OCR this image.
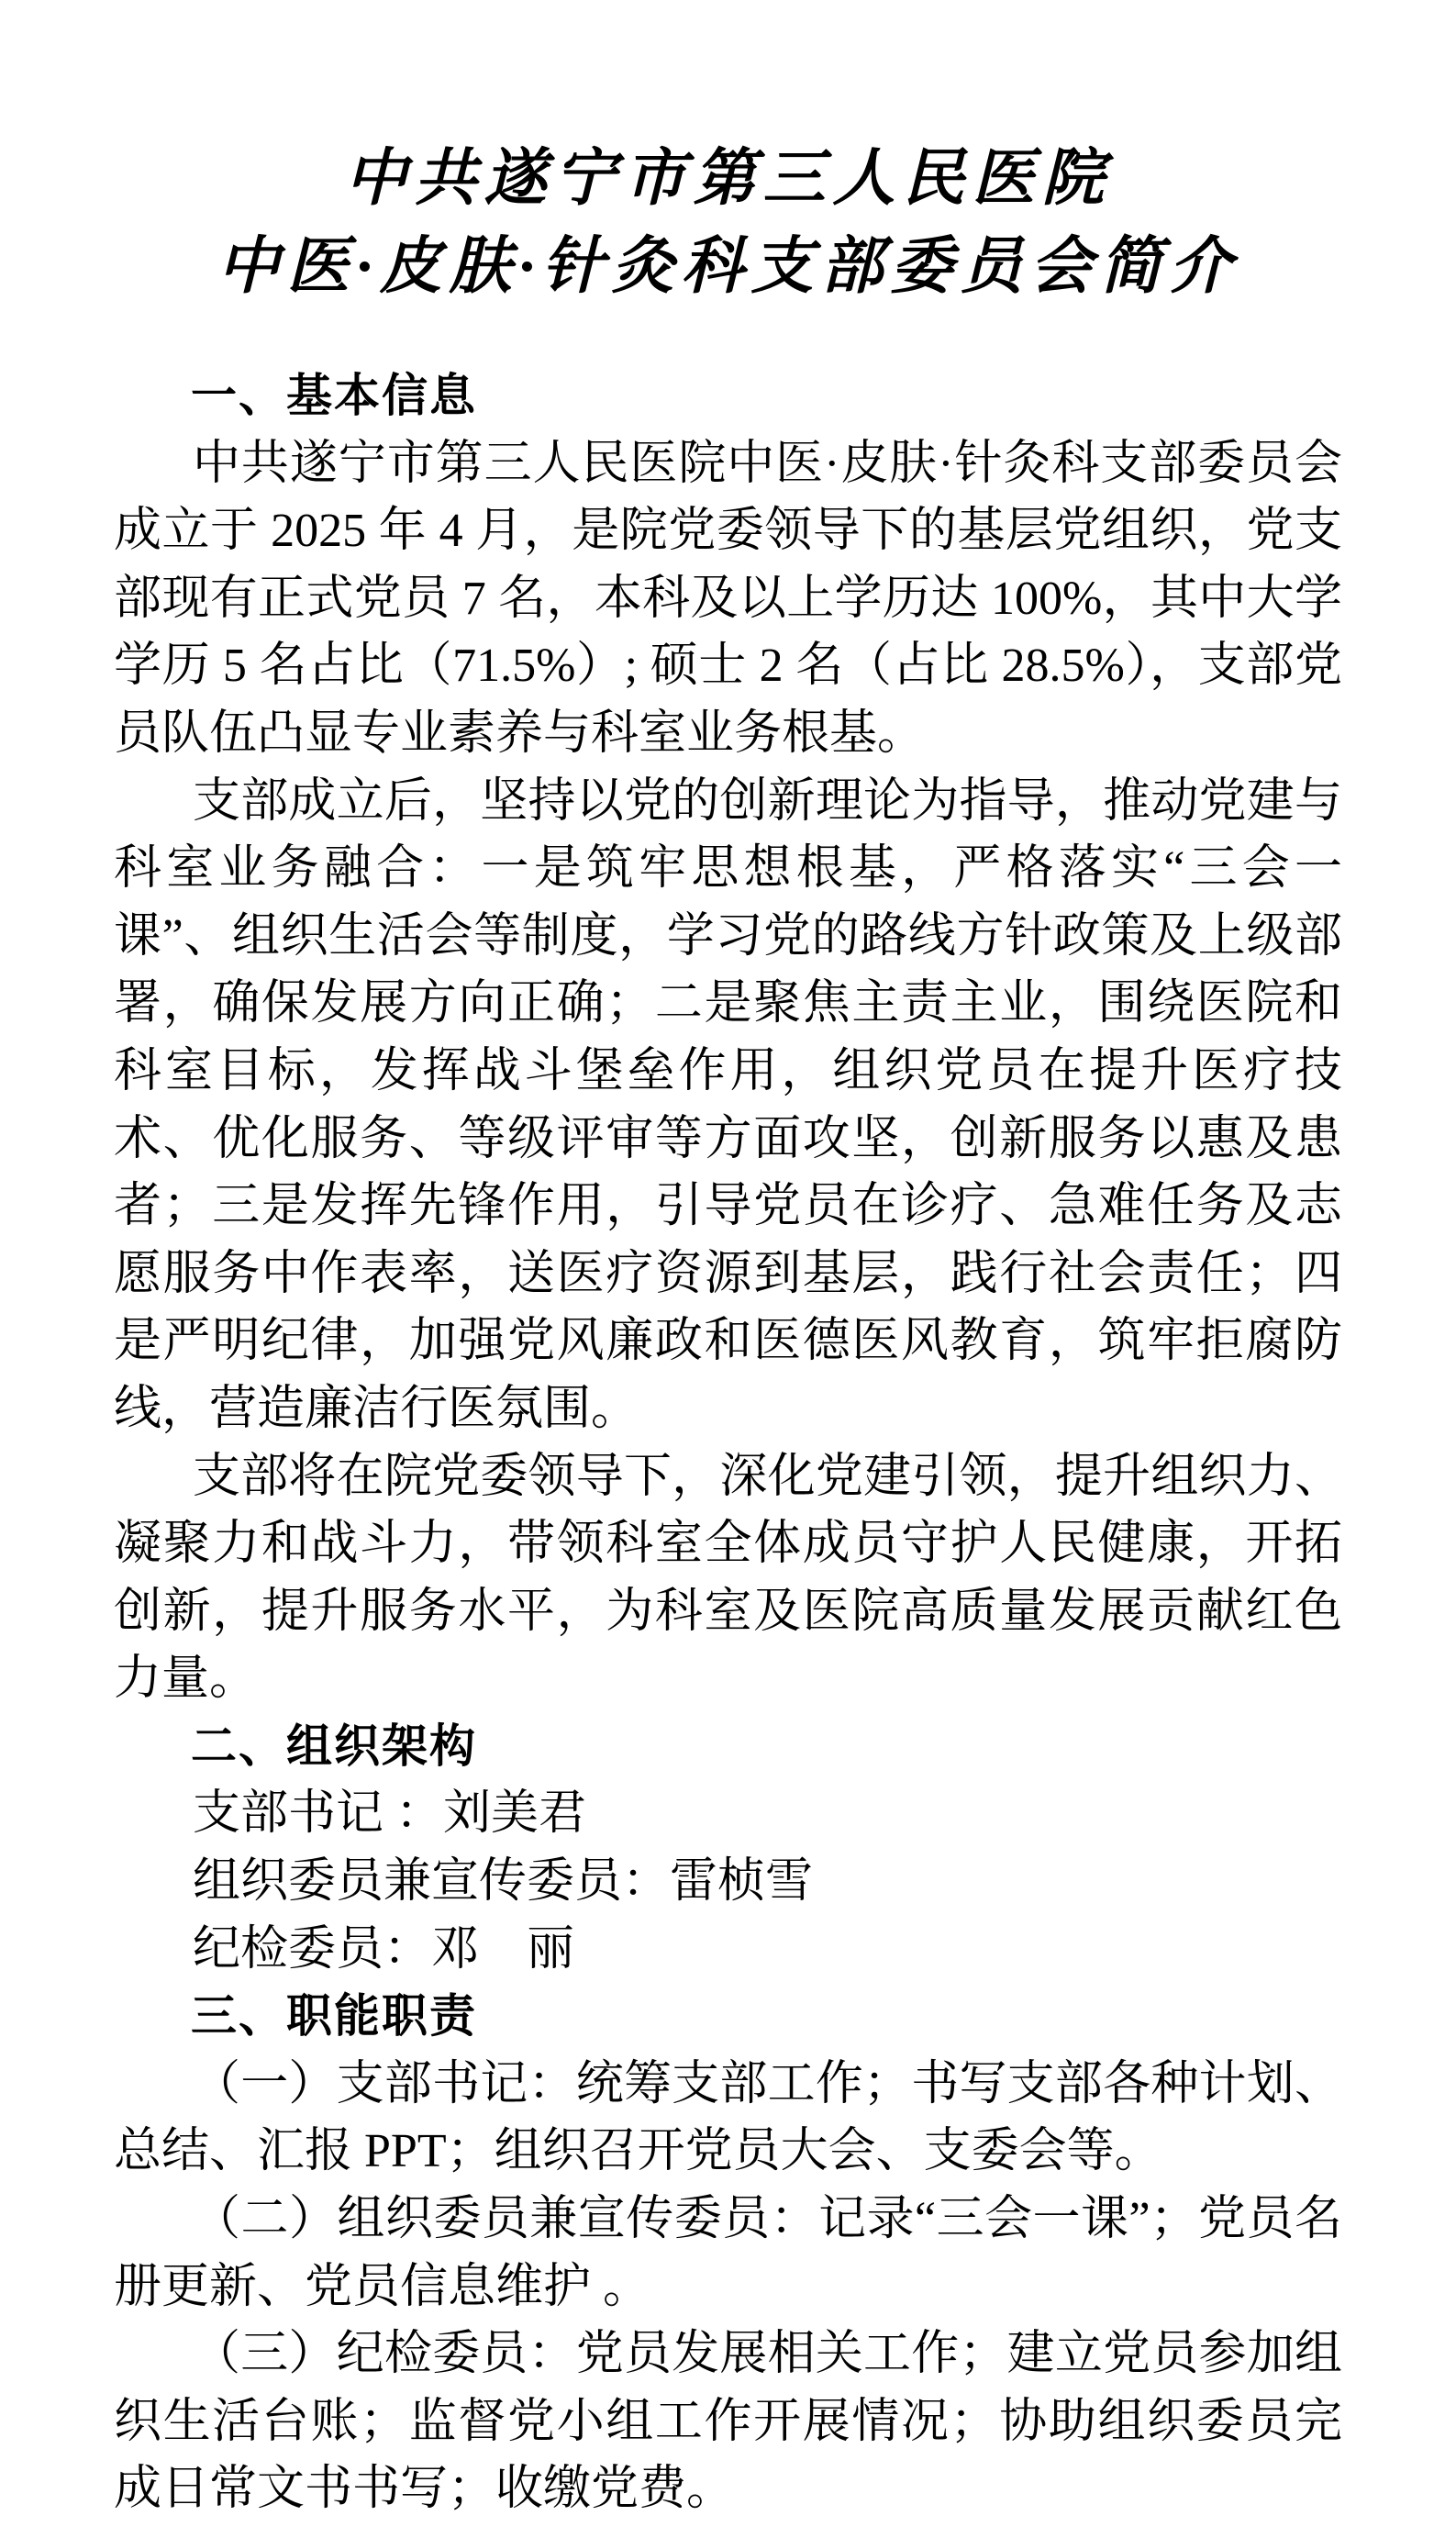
中共遂宁市第三人民医院
中医·皮肤·针灸科支部委员会简介
一、基本信息

中共遂宁市第三人民医院中医·皮肤·针灸科支部委员会成立于 2025 年 4 月，是院党委领导下的基层党组织，党支部现有正式党员 7 名，本科及以上学历达 100%，其中大学学历 5 名占比（71.5%）; 硕士 2 名（占比 28.5%），支部党员队伍凸显专业素养与科室业务根基。

支部成立后，坚持以党的创新理论为指导，推动党建与科室业务融合：一是筑牢思想根基，严格落实“三会一课”、组织生活会等制度，学习党的路线方针政策及上级部署，确保发展方向正确；二是聚焦主责主业，围绕医院和科室目标，发挥战斗堡垒作用，组织党员在提升医疗技术、优化服务、等级评审等方面攻坚，创新服务以惠及患者；三是发挥先锋作用，引导党员在诊疗、急难任务及志愿服务中作表率，送医疗资源到基层，践行社会责任；四是严明纪律，加强党风廉政和医德医风教育，筑牢拒腐防线，营造廉洁行医氛围。

支部将在院党委领导下，深化党建引领，提升组织力、凝聚力和战斗力，带领科室全体成员守护人民健康，开拓创新，提升服务水平，为科室及医院高质量发展贡献红色力量。

二、组织架构

支部书记 ：刘美君

组织委员兼宣传委员：雷桢雪

纪检委员：邓　丽

三、职能职责

（一）支部书记：统筹支部工作；书写支部各种计划、总结、汇报 PPT；组织召开党员大会、支委会等。

（二）组织委员兼宣传委员：记录“三会一课”；党员名册更新、党员信息维护 。

（三）纪检委员：党员发展相关工作；建立党员参加组织生活台账；监督党小组工作开展情况；协助组织委员完成日常文书书写；收缴党费。
